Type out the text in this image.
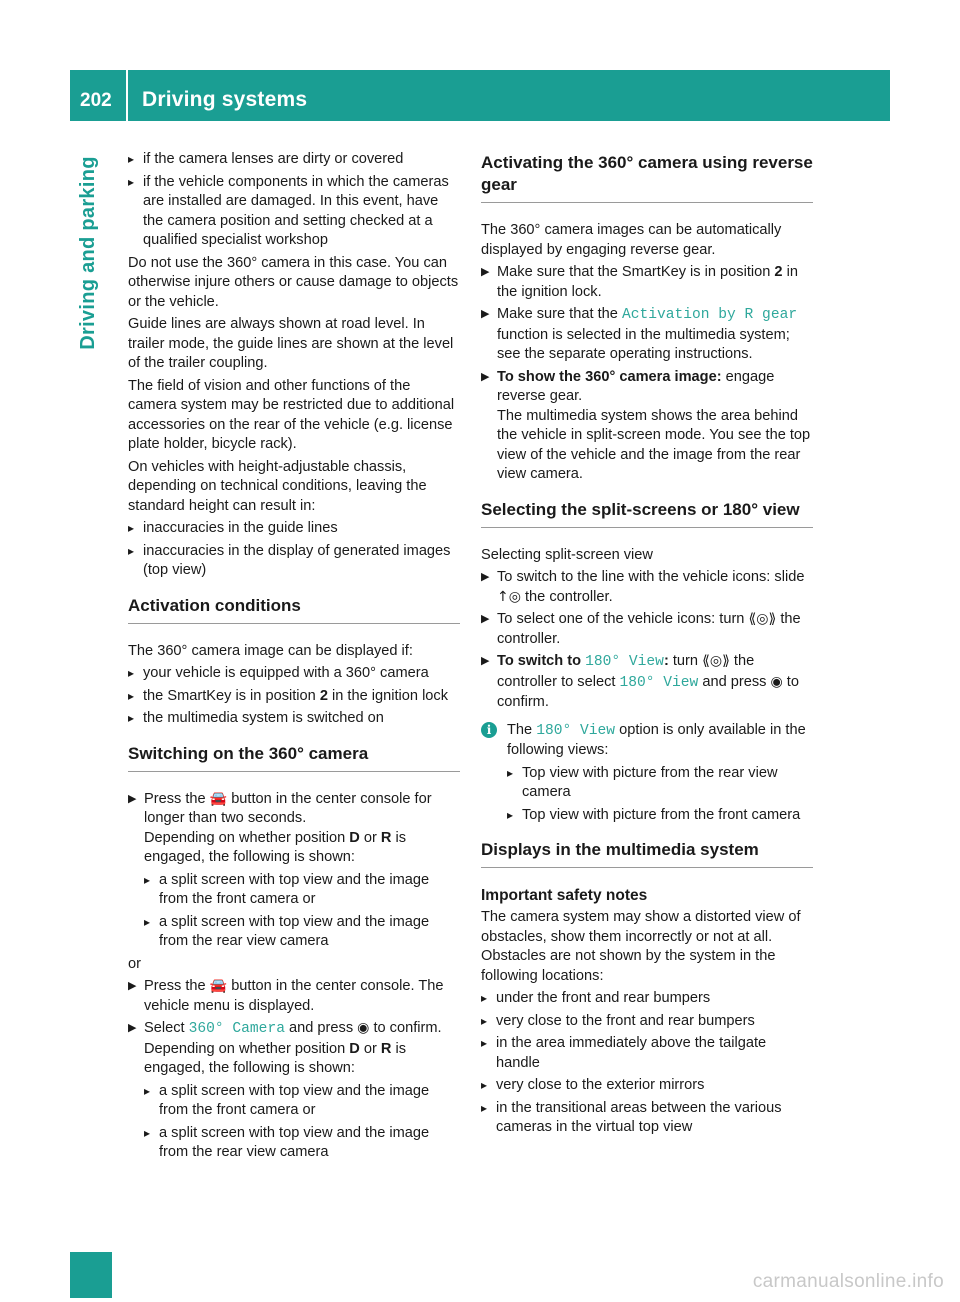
202 Driving systems
Driving and parking
▸	if the camera lenses are dirty or covered
▸ if the vehicle components in which the cameras are installed are damaged. In this event, have the camera position and setting checked at a qualified specialist workshop

Do not use the 360° camera in this case. You can otherwise injure others or cause damage to objects or the vehicle.

Guide lines are always shown at road level. In trailer mode, the guide lines are shown at the level of the trailer coupling.

The field of vision and other functions of the camera system may be restricted due to additional accessories on the rear of the vehicle (e.g. license plate holder, bicycle rack).

On vehicles with height-adjustable chassis, depending on technical conditions, leaving the standard height can result in:

▸ inaccuracies in the guide lines
▸ inaccuracies in the display of generated images (top view)
Activation conditions

The 360° camera image can be displayed if:

▸ your vehicle is equipped with a 360° camera
▸ the SmartKey is in position 2 in the ignition lock
▸ the multimedia system is switched on
Switching on the 360° camera
▶ Press the 🚘 button in the center console for longer than two seconds.
Depending on whether position D or R is engaged, the following is shown:
▸ a split screen with top view and the image from the front camera or
▸ a split screen with top view and the image from the rear view camera

or

▶ Press the 🚘 button in the center console. The vehicle menu is displayed.
▶ Select 360° Camera and press ◉ to confirm.
Depending on whether position D or R is engaged, the following is shown:
▸ a split screen with top view and the image from the front camera or
▸ a split screen with top view and the image from the rear view camera
Activating the 360° camera using reverse gear

The 360° camera images can be automatically displayed by engaging reverse gear.

▶ Make sure that the SmartKey is in position 2 in the ignition lock.
▶ Make sure that the Activation by R gear function is selected in the multimedia system; see the separate operating instructions.
▶ To show the 360° camera image: engage reverse gear.
The multimedia system shows the area behind the vehicle in split-screen mode. You see the top view of the vehicle and the image from the rear view camera.
Selecting the split-screens or 180° view

Selecting split-screen view

▶ To switch to the line with the vehicle icons: slide ↑◎ the controller.
▶ To select one of the vehicle icons: turn ⟪◎⟫ the controller.
▶ To switch to 180° View: turn ⟪◎⟫ the controller to select 180° View and press ◉ to confirm.
i	The 180° View option is only available in the following views:
▸ Top view with picture from the rear view camera
▸ Top view with picture from the front camera
Displays in the multimedia system
Important safety notes

The camera system may show a distorted view of obstacles, show them incorrectly or not at all. Obstacles are not shown by the system in the following locations:

▸ under the front and rear bumpers
▸ very close to the front and rear bumpers
▸ in the area immediately above the tailgate handle
▸ very close to the exterior mirrors
▸ in the transitional areas between the various cameras in the virtual top view
carmanualsonline.info
